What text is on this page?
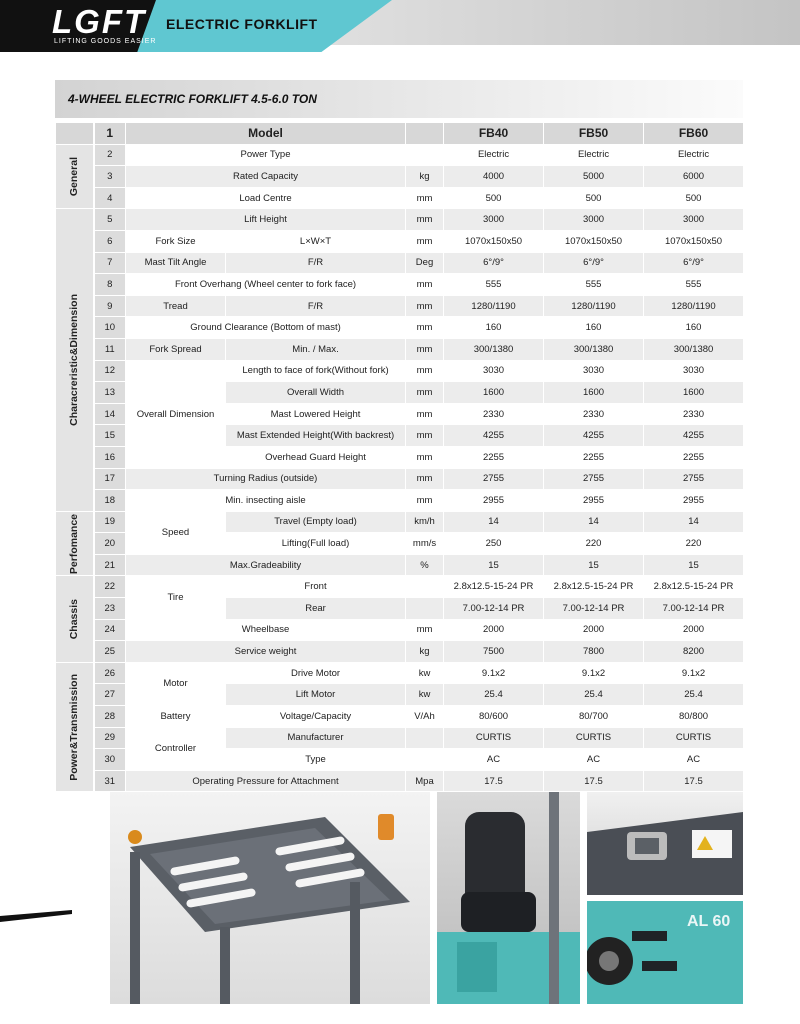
LGFT
LIFTING GOODS EASIER
ELECTRIC FORKLIFT
4-WHEEL ELECTRIC FORKLIFT 4.5-6.0 TON
	1	Model			FB40	FB50	FB60

General	2	Power Type			Electric	Electric	Electric
	3	Rated Capacity		kg	4000	5000	6000
	4	Load Centre		mm	500	500	500

Characreristic&Dimension	5	Lift Height		mm	3000	3000	3000
	6	Fork Size	L×W×T	mm	1070x150x50	1070x150x50	1070x150x50
	7	Mast Tilt Angle	F/R	Deg	6°/9°	6°/9°	6°/9°
	8	Front Overhang (Wheel center to fork face)		mm	555	555	555
	9	Tread	F/R	mm	1280/1190	1280/1190	1280/1190
	10	Ground Clearance (Bottom of mast)		mm	160	160	160
	11	Fork Spread	Min. / Max.	mm	300/1380	300/1380	300/1380
	12	Overall Dimension	Length to face of fork(Without fork)	mm	3030	3030	3030
	13		Overall Width	mm	1600	1600	1600
	14		Mast Lowered Height	mm	2330	2330	2330
	15		Mast Extended Height(With backrest)	mm	4255	4255	4255
	16		Overhead Guard Height	mm	2255	2255	2255
	17	Turning Radius (outside)		mm	2755	2755	2755
	18	Min. insecting aisle		mm	2955	2955	2955

Perfomance	19	Speed	Travel (Empty load)	km/h	14	14	14
	20		Lifting(Full load)	mm/s	250	220	220
	21	Max.Gradeability		%	15	15	15

Chassis	22	Tire	Front		2.8x12.5-15-24 PR	2.8x12.5-15-24 PR	2.8x12.5-15-24 PR
	23		Rear		7.00-12-14 PR	7.00-12-14 PR	7.00-12-14 PR
	24	Wheelbase		mm	2000	2000	2000
	25	Service weight		kg	7500	7800	8200

Power&Transmission	26	Motor	Drive Motor	kw	9.1x2	9.1x2	9.1x2
	27		Lift Motor	kw	25.4	25.4	25.4
	28	Battery	Voltage/Capacity	V/Ah	80/600	80/700	80/800
	29	Controller	Manufacturer		CURTIS	CURTIS	CURTIS
	30		Type		AC	AC	AC
	31	Operating Pressure for Attachment		Mpa	17.5	17.5	17.5
AL 60
